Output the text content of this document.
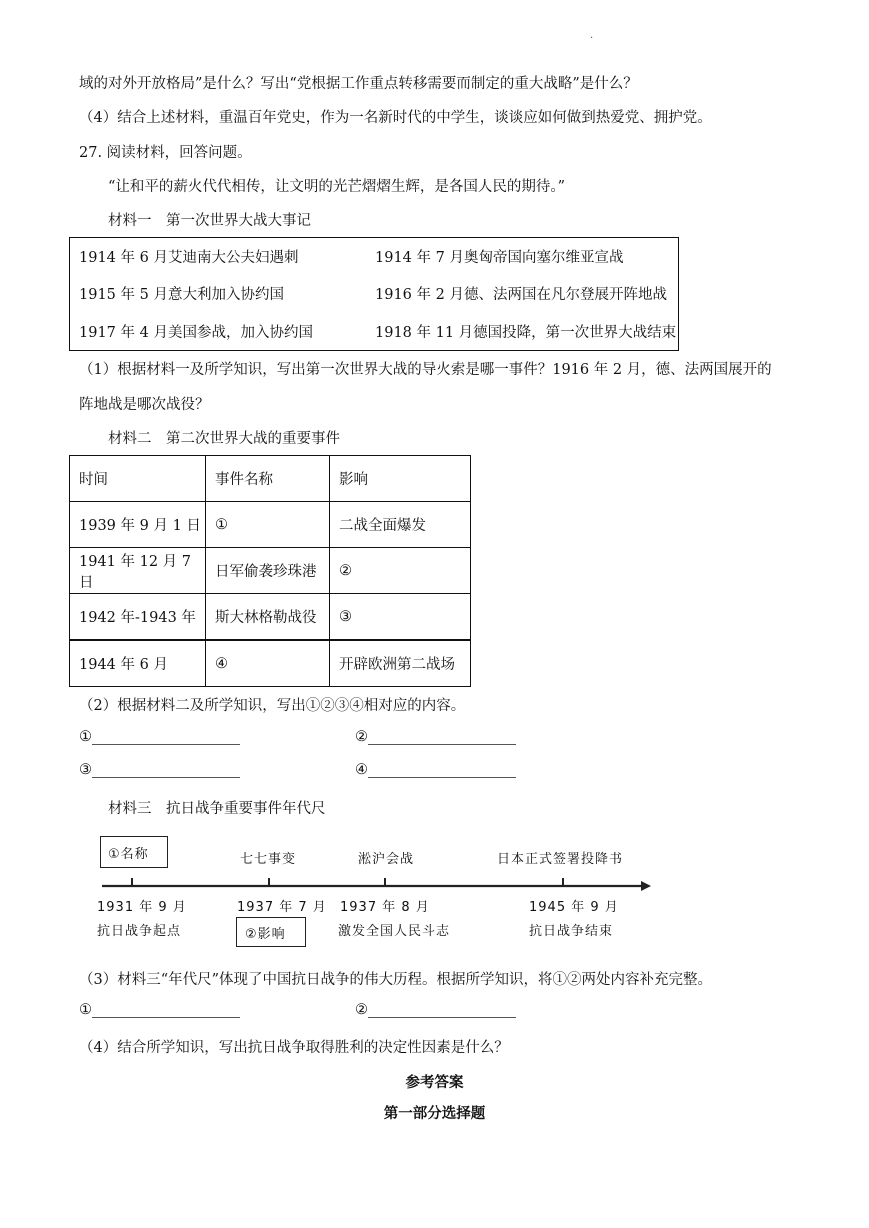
.
域的对外开放格局”是什么？写出“党根据工作重点转移需要而制定的重大战略”是什么？
（4）结合上述材料，重温百年党史，作为一名新时代的中学生，谈谈应如何做到热爱党、拥护党。
27. 阅读材料，回答问题。
“让和平的薪火代代相传，让文明的光芒熠熠生辉，是各国人民的期待。”
材料一　第一次世界大战大事记
1914 年 6 月艾迪南大公夫妇遇刺	1914 年 7 月奥匈帝国向塞尔维亚宣战
1915 年 5 月意大利加入协约国	1916 年 2 月德、法两国在凡尔登展开阵地战
1917 年 4 月美国参战，加入协约国	1918 年 11 月德国投降，第一次世界大战结束
（1）根据材料一及所学知识，写出第一次世界大战的导火索是哪一事件？1916 年 2 月，德、法两国展开的
阵地战是哪次战役？
材料二　第二次世界大战的重要事件
时间	事件名称	影响
1939 年 9 月 1 日	①	二战全面爆发
1941 年 12 月 7 日	日军偷袭珍珠港	②
1942 年-1943 年	斯大林格勒战役	③
1944 年 6 月	④	开辟欧洲第二战场
（2）根据材料二及所学知识，写出①②③④相对应的内容。
①	②
③	④
材料三　抗日战争重要事件年代尺
①名称	七七事变	淞沪会战	日本正式签署投降书
1931 年 9 月	1937 年 7 月 1937 年 8 月	1945 年 9 月
抗日战争起点	②影响	激发全国人民斗志	抗日战争结束
（3）材料三“年代尺”体现了中国抗日战争的伟大历程。根据所学知识，将①②两处内容补充完整。
①	②
（4）结合所学知识，写出抗日战争取得胜利的决定性因素是什么？
参考答案
第一部分选择题
